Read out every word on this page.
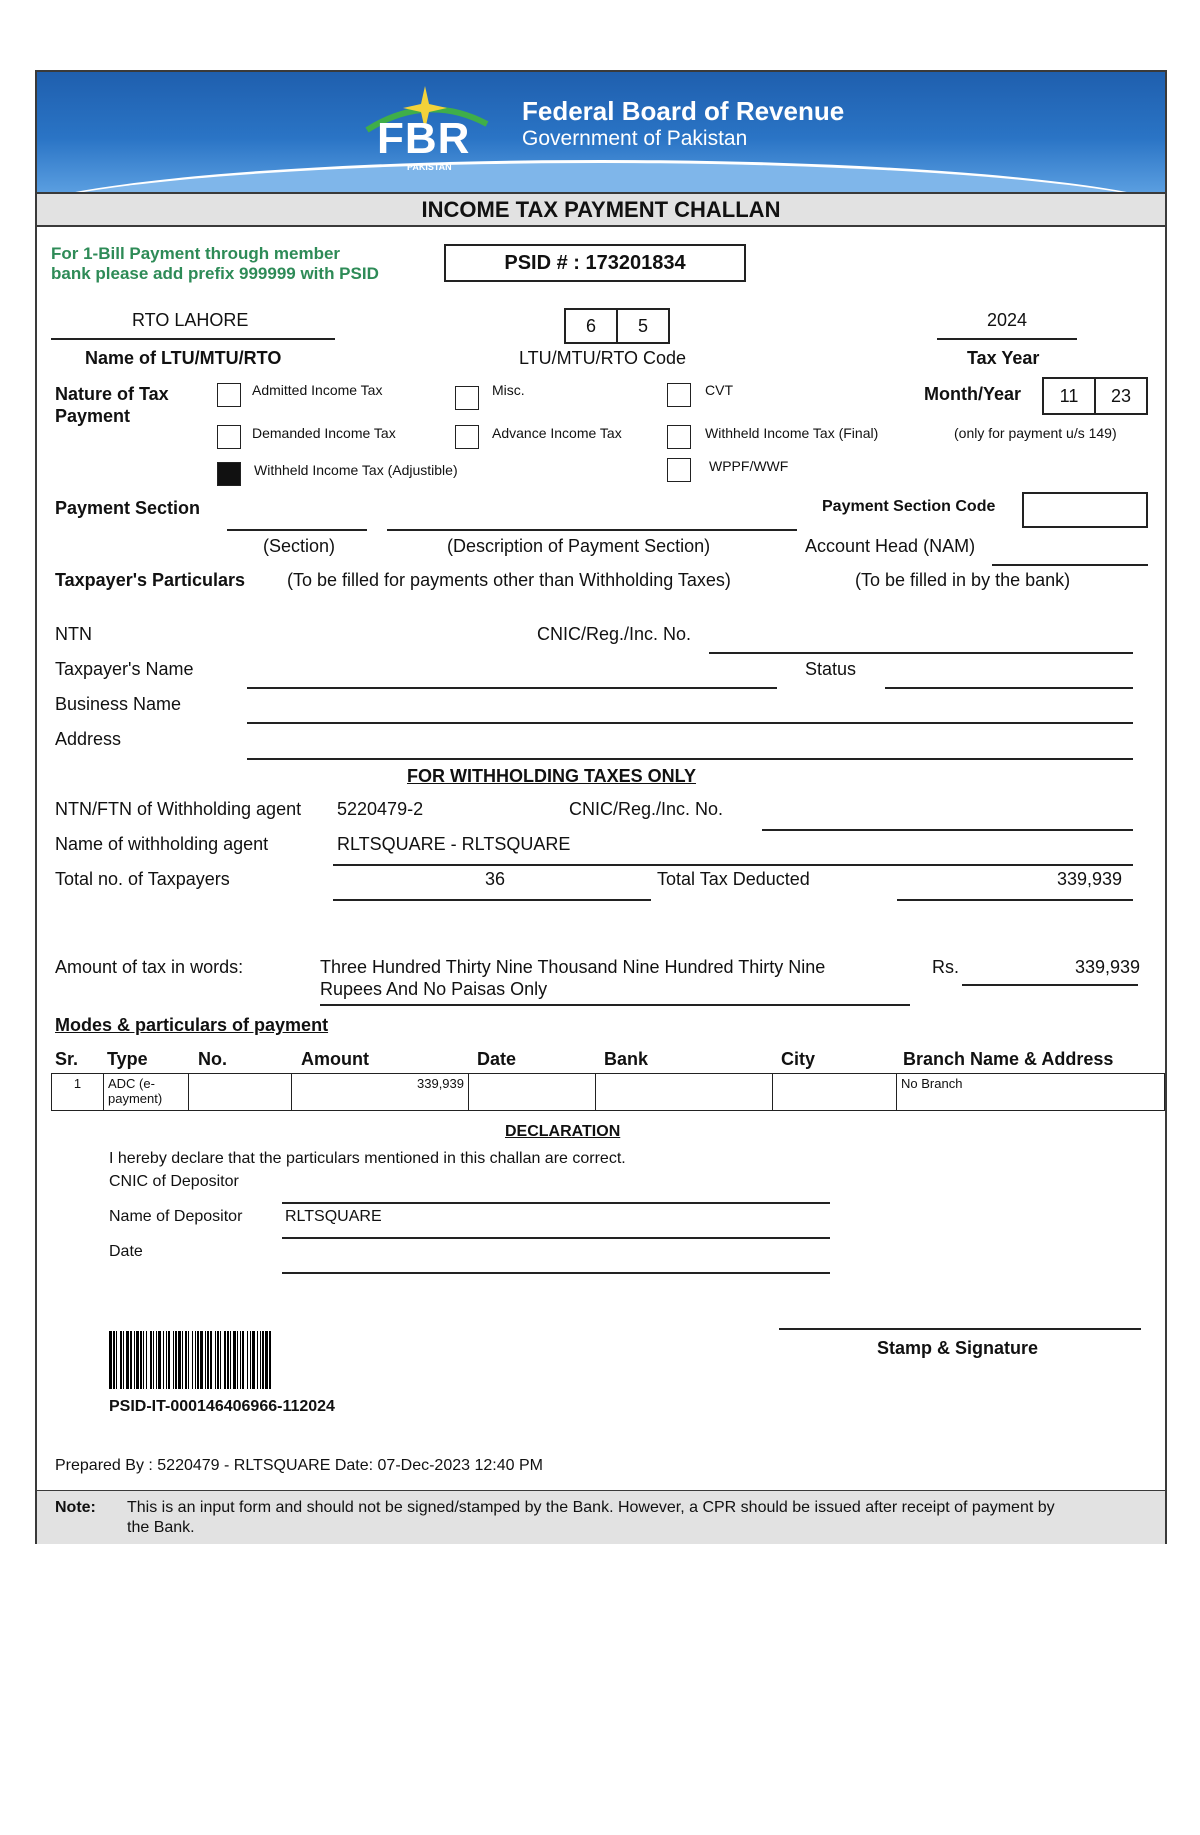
FBR
PAKISTAN
Federal Board of Revenue
Government of Pakistan
INCOME TAX PAYMENT CHALLAN
For 1-Bill Payment through member
bank please add prefix 999999 with PSID	PSID # : 173201834
RTO LAHORE
Name of LTU/MTU/RTO
6	5
LTU/MTU/RTO Code
2024
Tax Year
Nature of Tax
Payment
Admitted Income Tax	Misc.	CVT
Demanded Income Tax	Advance Income Tax	Withheld Income Tax (Final)
Withheld Income Tax (Adjustible)	WPPF/WWF
Month/Year	11	23
(only for payment u/s 149)
Payment Section	Payment Section Code
(Section)	(Description of Payment Section)	Account Head (NAM)
Taxpayer's Particulars (To be filled for payments other than Withholding Taxes)	(To be filled in by the bank)
NTN	CNIC/Reg./Inc. No.
Taxpayer's Name	Status
Business Name
Address
FOR WITHHOLDING TAXES ONLY
NTN/FTN of Withholding agent 5220479-2	CNIC/Reg./Inc. No.
Name of withholding agent	RLTSQUARE - RLTSQUARE
Total no. of Taxpayers	36	Total Tax Deducted	339,939
Amount of tax in words:	Three Hundred Thirty Nine Thousand Nine Hundred Thirty Nine
Rupees And No Paisas Only
Rs.	339,939
Modes & particulars of payment
Sr. Type	No.	Amount	Date	Bank	City	Branch Name & Address
1	ADC (e-payment)		339,939				No Branch
DECLARATION
I hereby declare that the particulars mentioned in this challan are correct.
CNIC of Depositor
Name of Depositor	RLTSQUARE
Date
Stamp & Signature
PSID-IT-000146406966-112024
Prepared By : 5220479 - RLTSQUARE Date: 07-Dec-2023 12:40 PM
Note: This is an input form and should not be signed/stamped by the Bank. However, a CPR should be issued after receipt of payment by
the Bank.
